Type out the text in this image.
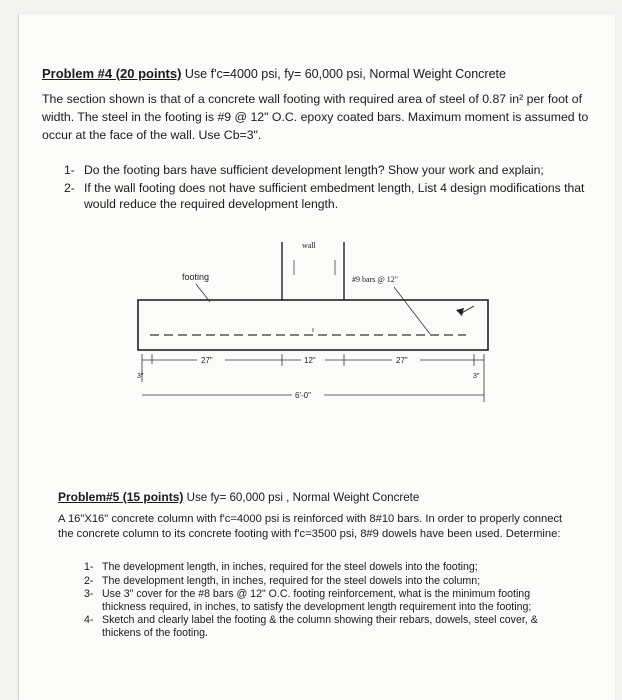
Problem #4 (20 points) Use f'c=4000 psi, fy= 60,000 psi, Normal Weight Concrete
The section shown is that of a concrete wall footing with required area of steel of 0.87 in² per foot of width. The steel in the footing is #9 @ 12" O.C. epoxy coated bars. Maximum moment is assumed to occur at the face of the wall. Use Cb=3".
1- Do the footing bars have sufficient development length? Show your work and explain;
2- If the wall footing does not have sufficient embedment length, List 4 design modifications that would reduce the required development length.
wall
footing	#9 bars @ 12"
27"	12"	27"
3"	3"
6'-0"
Problem#5 (15 points) Use fy= 60,000 psi , Normal Weight Concrete
A 16"X16" concrete column with f'c=4000 psi is reinforced with 8#10 bars. In order to properly connect the concrete column to its concrete footing with f'c=3500 psi, 8#9 dowels have been used. Determine:
1- The development length, in inches, required for the steel dowels into the footing;
2- The development length, in inches, required for the steel dowels into the column;
3- Use 3" cover for the #8 bars @ 12" O.C. footing reinforcement, what is the minimum footing thickness required, in inches, to satisfy the development length requirement into the footing;
4- Sketch and clearly label the footing & the column showing their rebars, dowels, steel cover, & thickens of the footing.
